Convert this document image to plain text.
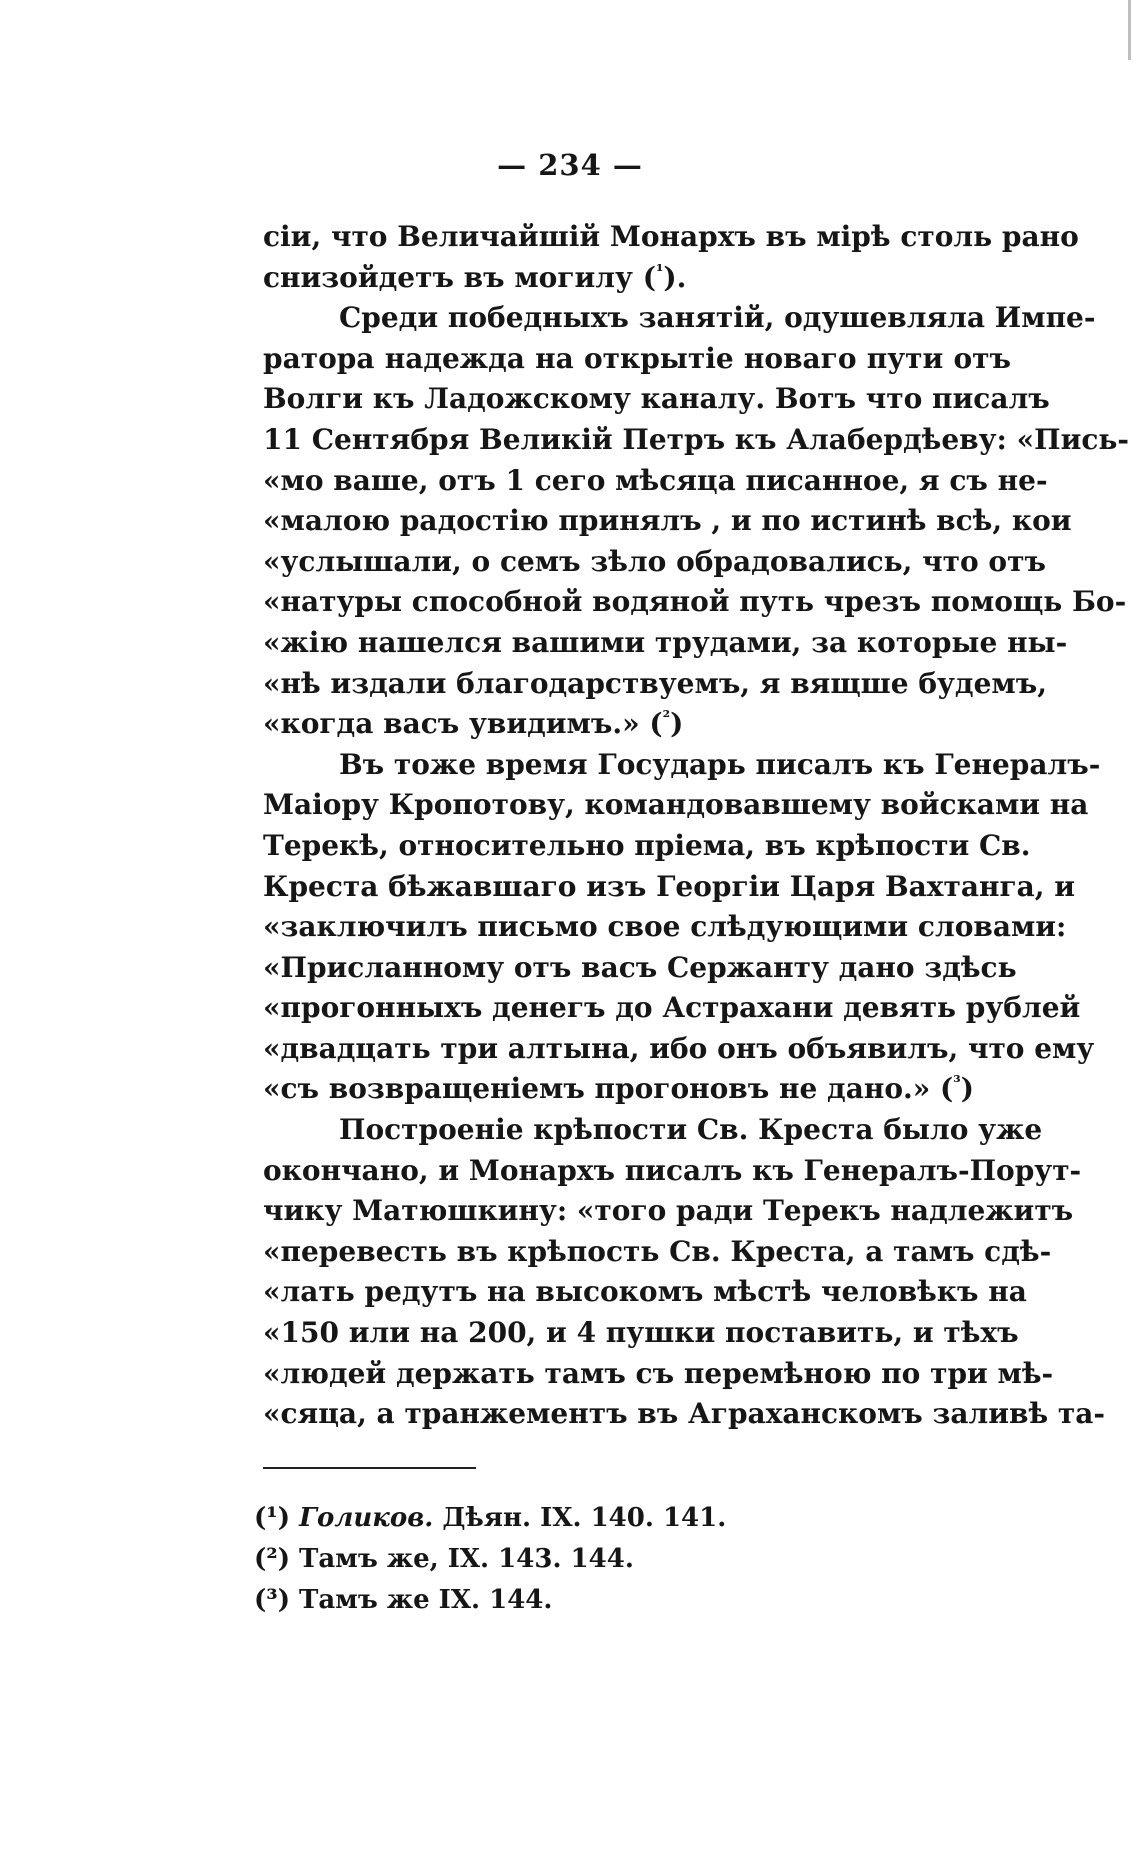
— 234 —
сіи, что Величайшій Монархъ въ мірѣ столь рано
снизойдетъ въ могилу ($^{^1}$).
Среди победныхъ занятій, одушевляла Импе-
ратора надежда на открытіе новаго пути отъ
Волги къ Ладожскому каналу. Вотъ что писалъ
11 Сентября Великій Петръ къ Алабердѣеву: «Пись-
«мо ваше, отъ 1 сего мѣсяца писанное, я съ не-
«малою радостію принялъ , и по истинѣ всѣ, кои
«услышали, о семъ зѣло обрадовались, что отъ
«натуры способной водяной путь чрезъ помощь Бо-
«жію нашелся вашими трудами, за которые ны-
«нѣ издали благодарствуемъ, я вящше будемъ,
«когда васъ увидимъ.» ($^{^2}$)
Въ тоже время Государь писалъ къ Генералъ-
Маіору Кропотову, командовавшему войсками на
Терекѣ, относительно пріема, въ крѣпости Св.
Креста бѣжавшаго изъ Георгіи Царя Вахтанга, и
«заключилъ письмо свое слѣдующими словами:
«Присланному отъ васъ Сержанту дано здѣсь
«прогонныхъ денегъ до Астрахани девять рублей
«двадцать три алтына, ибо онъ объявилъ, что ему
«съ возвращеніемъ прогоновъ не дано.» ($^{^3}$)
Построеніе крѣпости Св. Креста было уже
окончано, и Монархъ писалъ къ Генералъ-Порут-
чику Матюшкину: «того ради Терекъ надлежитъ
«перевесть въ крѣпость Св. Креста, а тамъ сдѣ-
«лать редутъ на высокомъ мѣстѣ человѣкъ на
«150 или на 200, и 4 пушки поставить, и тѣхъ
«людей держать тамъ съ перемѣною по три мѣ-
«сяца, а транжементъ въ Аграханскомъ заливѣ та-
(¹) Голиков. Дѣян. IX. 140. 141.
(²) Тамъ же, IX. 143. 144.
(³) Тамъ же IX. 144.
